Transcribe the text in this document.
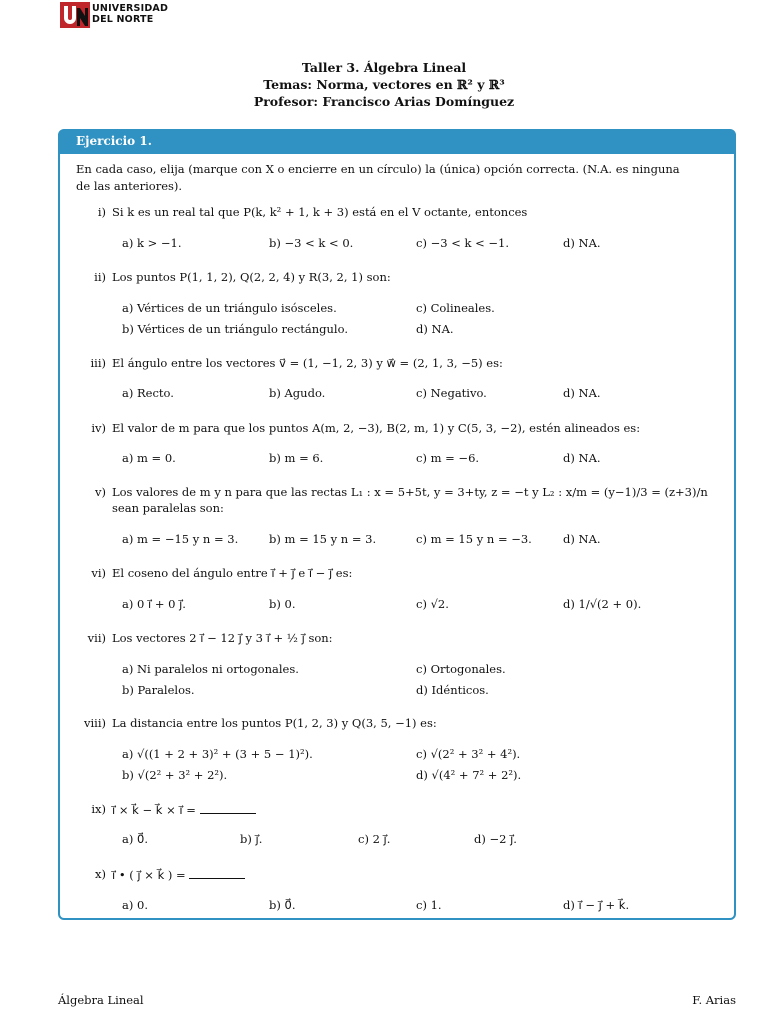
UNIVERSIDAD
DEL NORTE
Taller 3. Álgebra Lineal
Temas: Norma, vectores en ℝ² y ℝ³
Profesor: Francisco Arias Domínguez
Ejercicio 1.
En cada caso, elija (marque con X o encierre en un círculo) la (única) opción correcta. (N.A. es ninguna
de las anteriores).
i) Si k es un real tal que P(k, k² + 1, k + 3) está en el V octante, entonces
a) k > −1.	b) −3 < k < 0.	c) −3 < k < −1.	d) NA.
ii) Los puntos P(1, 1, 2), Q(2, 2, 4) y R(3, 2, 1) son:
a) Vértices de un triángulo isósceles.	c) Colineales.
b) Vértices de un triángulo rectángulo.	d) NA.
iii) El ángulo entre los vectores v⃗ = (1, −1, 2, 3) y w⃗ = (2, 1, 3, −5) es:
a) Recto.	b) Agudo.	c) Negativo.	d) NA.
iv) El valor de m para que los puntos A(m, 2, −3), B(2, m, 1) y C(5, 3, −2), estén alineados es:
a) m = 0.	b) m = 6.	c) m = −6.	d) NA.
v) Los valores de m y n para que las rectas L₁ : x = 5+5t, y = 3+ty, z = −t y L₂ : x/m = (y−1)/3 = (z+3)/n
sean paralelas son:
a) m = −15 y n = 3.	b) m = 15 y n = 3.	c) m = 15 y n = −3.	d) NA.
vi) El coseno del ángulo entre i⃗ + j⃗ e i⃗ − j⃗ es:
a) 0 i⃗ + 0 j⃗.	b) 0.	c) √2.	d) 1/√(2 + 0).
vii) Los vectores 2 i⃗ − 12 j⃗ y 3 i⃗ + ½ j⃗ son:
a) Ni paralelos ni ortogonales.	c) Ortogonales.
b) Paralelos.	d) Idénticos.
viii) La distancia entre los puntos P(1, 2, 3) y Q(3, 5, −1) es:
a) √((1 + 2 + 3)² + (3 + 5 − 1)²).	c) √(2² + 3² + 4²).
b) √(2² + 3² + 2²).	d) √(4² + 7² + 2²).
ix) i⃗ × k⃗ − k⃗ × i⃗ =
a) 0⃗.	b) j⃗.	c) 2 j⃗.	d) −2 j⃗.
x) i⃗ • ( j⃗ × k⃗ ) =
a) 0.	b) 0⃗.	c) 1.	d) i⃗ − j⃗ + k⃗.
Álgebra Lineal	F. Arias
